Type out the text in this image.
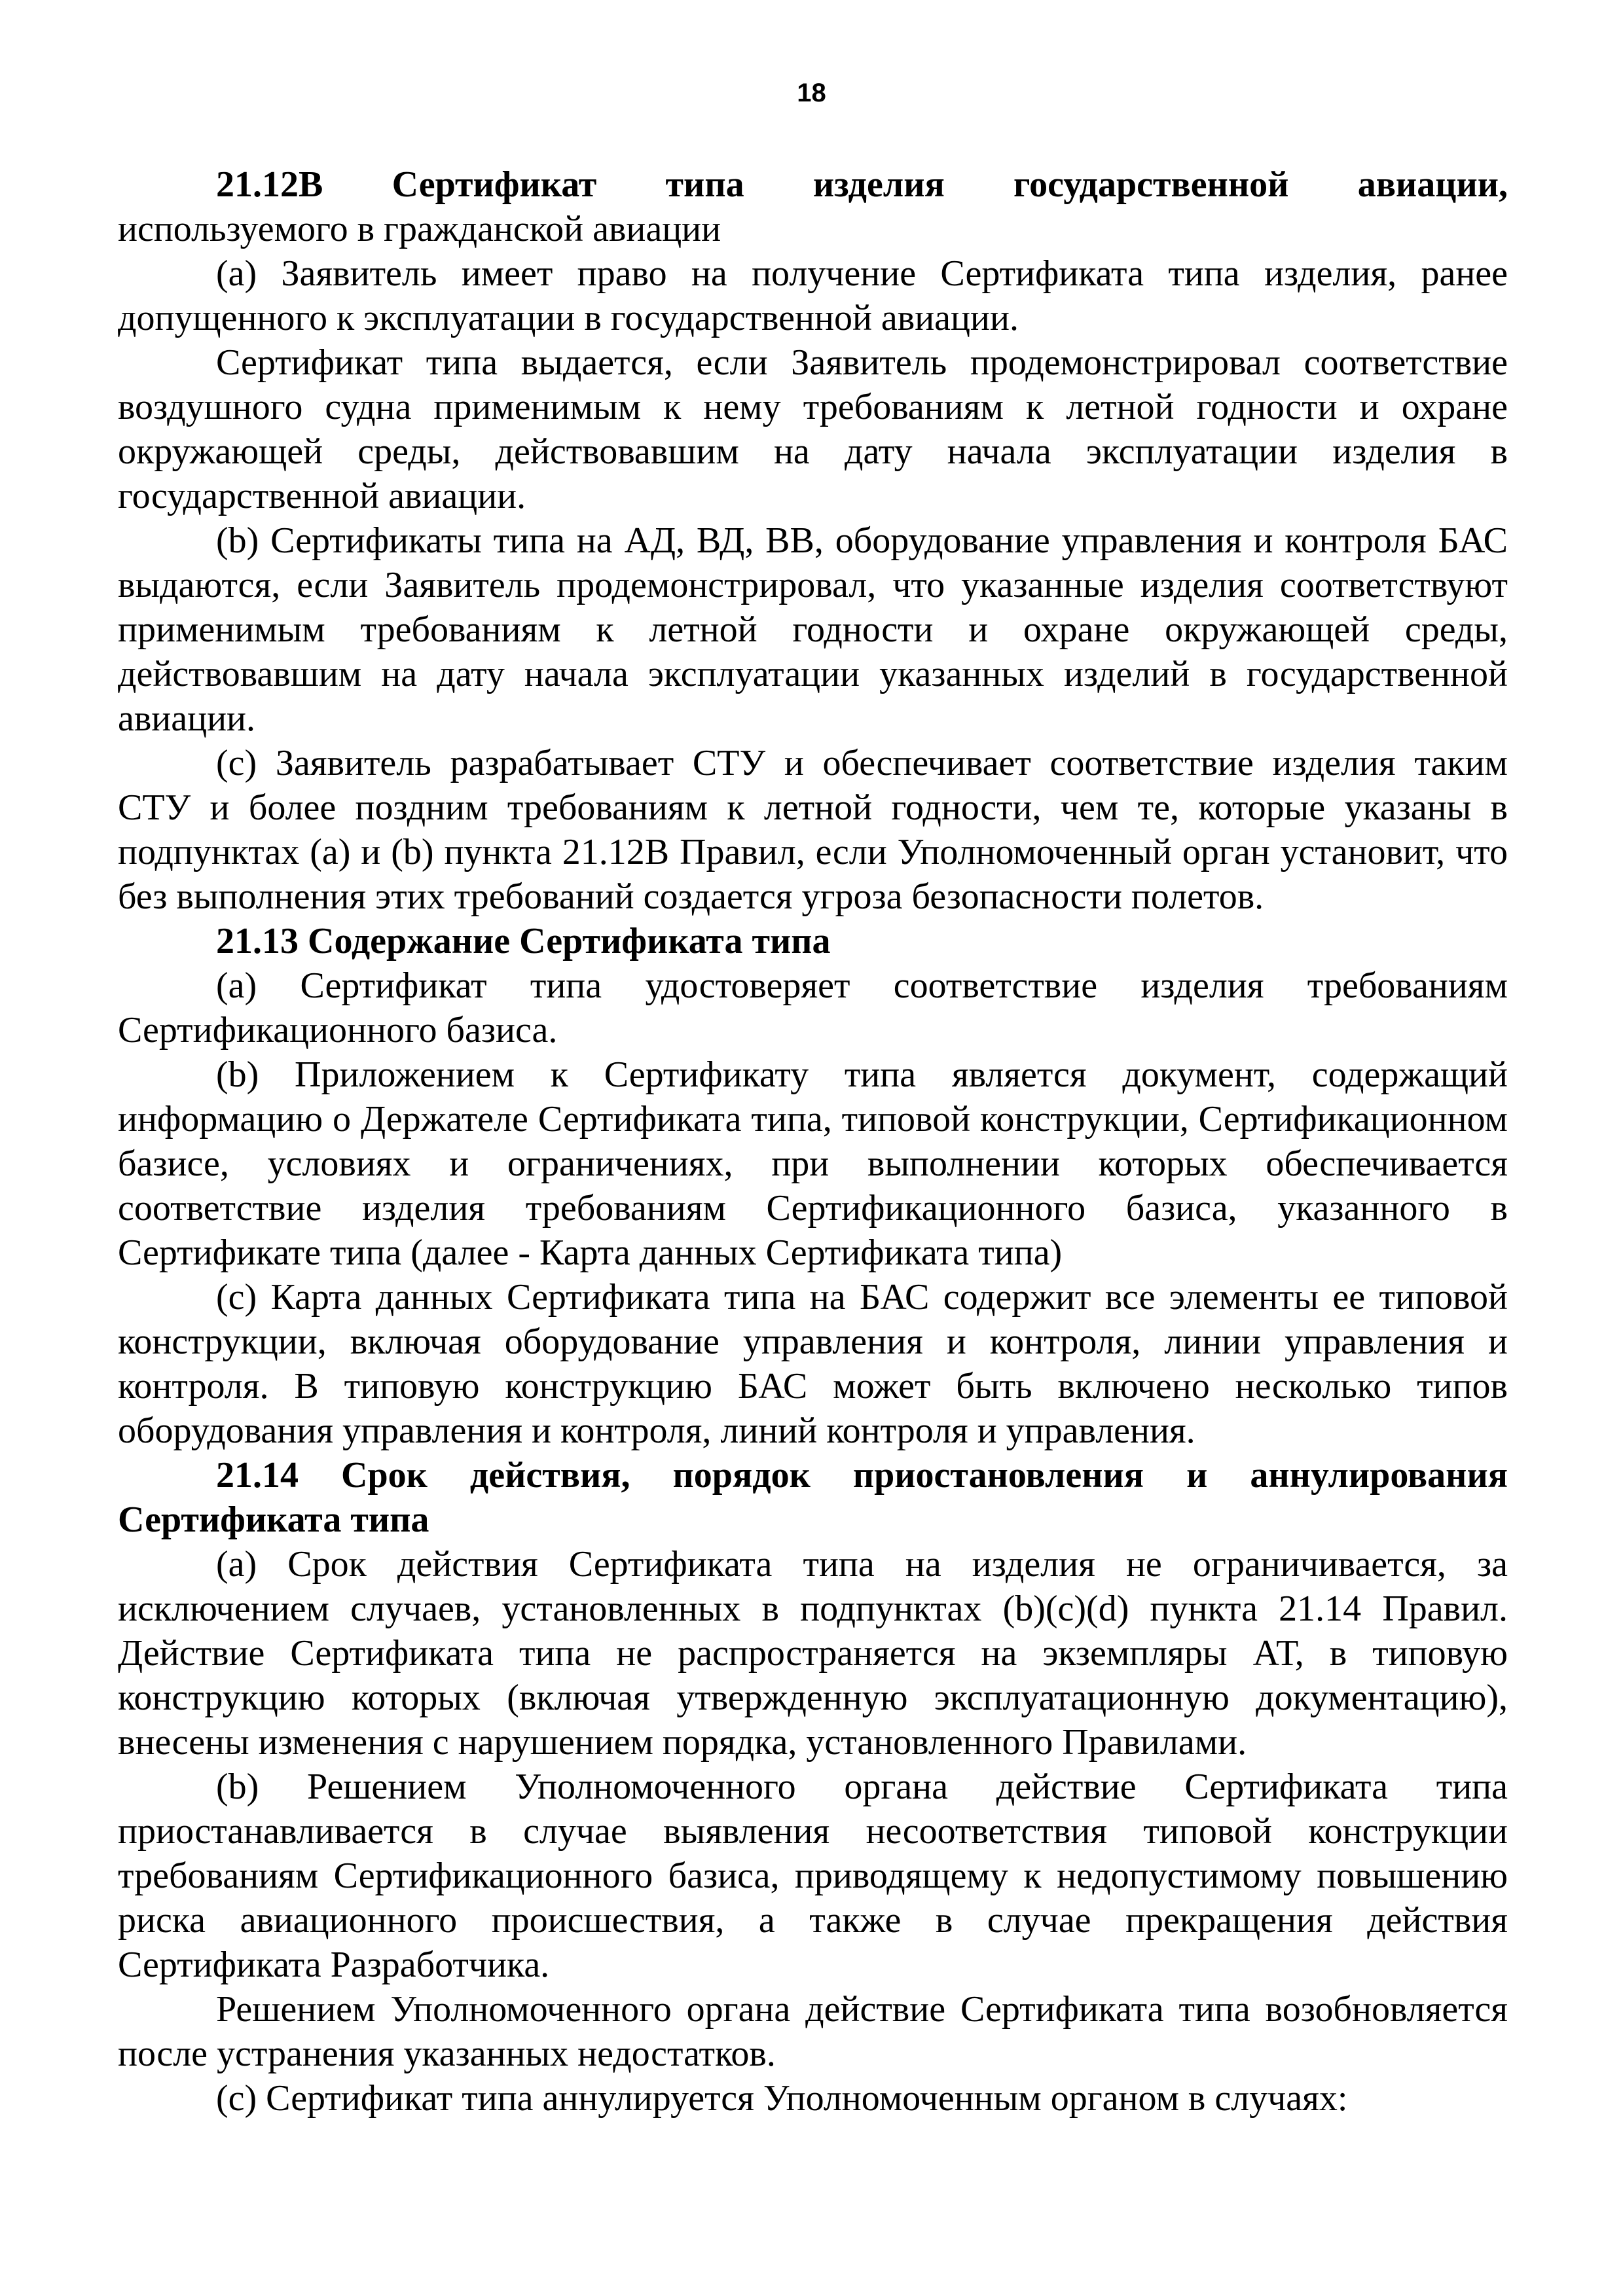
18

21.12В Сертификат типа изделия государственной авиации,

используемого в гражданской авиации

(a) Заявитель имеет право на получение Сертификата типа изделия, ранее допущенного к эксплуатации в государственной авиации.

Сертификат типа выдается, если Заявитель продемонстрировал соответствие воздушного судна применимым к нему требованиям к летной годности и охране окружающей среды, действовавшим на дату начала эксплуатации изделия в государственной авиации.

(b) Сертификаты типа на АД, ВД, ВВ, оборудование управления и контроля БАС выдаются, если Заявитель продемонстрировал, что указанные изделия соответствуют применимым требованиям к летной годности и охране окружающей среды, действовавшим на дату начала эксплуатации указанных изделий в государственной авиации.

(c) Заявитель разрабатывает СТУ и обеспечивает соответствие изделия таким СТУ и более поздним требованиям к летной годности, чем те, которые указаны в подпунктах (a) и (b) пункта 21.12В Правил, если Уполномоченный орган установит, что без выполнения этих требований создается угроза безопасности полетов.

21.13 Содержание Сертификата типа

(a) Сертификат типа удостоверяет соответствие изделия требованиям Сертификационного базиса.

(b) Приложением к Сертификату типа является документ, содержащий информацию о Держателе Сертификата типа, типовой конструкции, Сертификационном базисе, условиях и ограничениях, при выполнении которых обеспечивается соответствие изделия требованиям Сертификационного базиса, указанного в Сертификате типа (далее - Карта данных Сертификата типа)

(c) Карта данных Сертификата типа на БАС содержит все элементы ее типовой конструкции, включая оборудование управления и контроля, линии управления и контроля. В типовую конструкцию БАС может быть включено несколько типов оборудования управления и контроля, линий контроля и управления.

21.14 Срок действия, порядок приостановления и аннулирования Сертификата типа

(a) Срок действия Сертификата типа на изделия не ограничивается, за исключением случаев, установленных в подпунктах (b)(c)(d) пункта 21.14 Правил. Действие Сертификата типа не распространяется на экземпляры АТ, в типовую конструкцию которых (включая утвержденную эксплуатационную документацию), внесены изменения с нарушением порядка, установленного Правилами.

(b) Решением Уполномоченного органа действие Сертификата типа приостанавливается в случае выявления несоответствия типовой конструкции требованиям Сертификационного базиса, приводящему к недопустимому повышению риска авиационного происшествия, а также в случае прекращения действия Сертификата Разработчика.

Решением Уполномоченного органа действие Сертификата типа возобновляется после устранения указанных недостатков.

(c) Сертификат типа аннулируется Уполномоченным органом в случаях:
